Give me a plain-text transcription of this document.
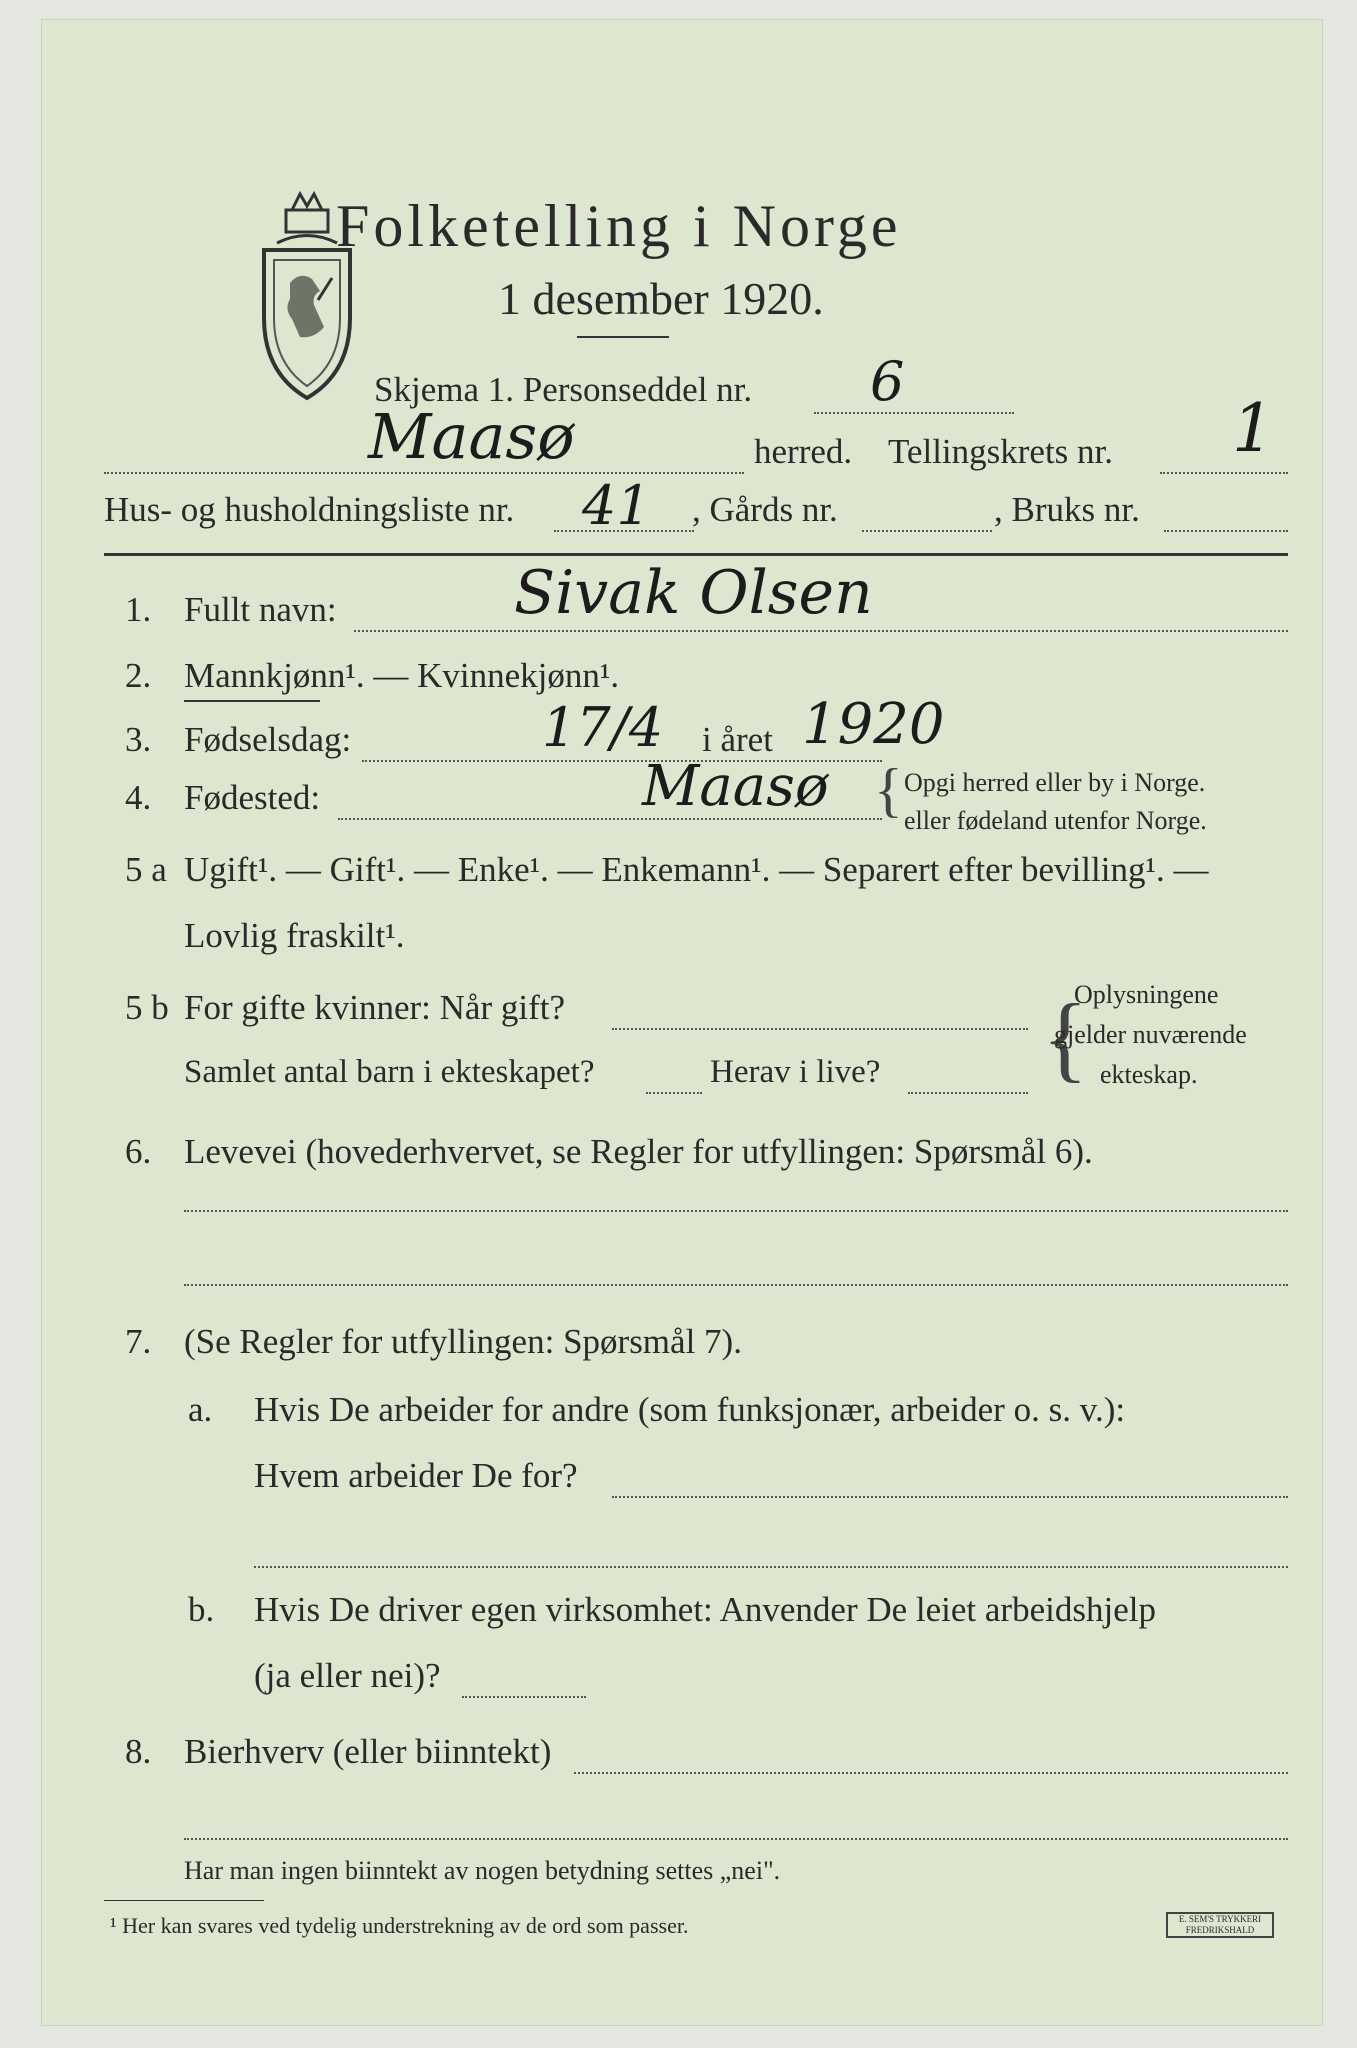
Folketelling i Norge
1 desember 1920.
Skjema 1. Personseddel nr. 6
Maasø	herred. Tellingskrets nr. 1
Hus- og husholdningsliste nr. 41 , Gårds nr.	, Bruks nr.
1. Fullt navn:	Sivak Olsen
2. Mannkjønn¹. — Kvinnekjønn¹.
3. Fødselsdag:	17/4 i året 1920
4. Fødested:	Maasø { Opgi herred eller by i Norge.
eller fødeland utenfor Norge.
5 a Ugift¹. — Gift¹. — Enke¹. — Enkemann¹. — Separert efter bevilling¹. —
Lovlig fraskilt¹.
5 b For gifte kvinner: Når gift?
Samlet antal barn i ekteskapet?	Herav i live? {
Oplysningene
gjelder nuværende
ekteskap.
6. Levevei (hovederhvervet, se Regler for utfyllingen: Spørsmål 6).
7. (Se Regler for utfyllingen: Spørsmål 7).
a. Hvis De arbeider for andre (som funksjonær, arbeider o. s. v.):
Hvem arbeider De for?
b. Hvis De driver egen virksomhet: Anvender De leiet arbeidshjelp
(ja eller nei)?
8. Bierhverv (eller biinntekt)
Har man ingen biinntekt av nogen betydning settes „nei".
¹ Her kan svares ved tydelig understrekning av de ord som passer.	E. SEM'S TRYKKERI FREDRIKSHALD
